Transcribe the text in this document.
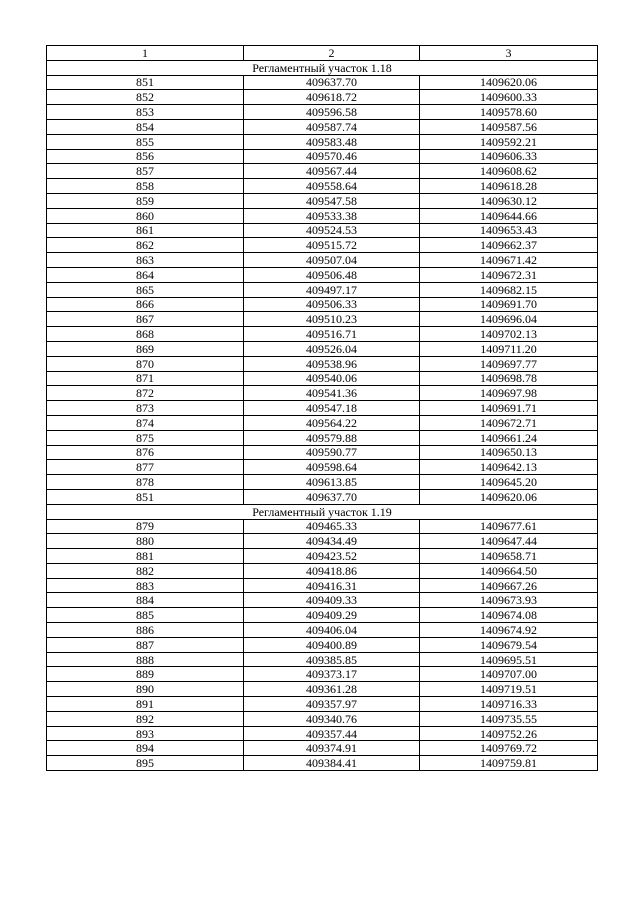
1	2	3
Регламентный участок 1.18		
851	409637.70	1409620.06
852	409618.72	1409600.33
853	409596.58	1409578.60
854	409587.74	1409587.56
855	409583.48	1409592.21
856	409570.46	1409606.33
857	409567.44	1409608.62
858	409558.64	1409618.28
859	409547.58	1409630.12
860	409533.38	1409644.66
861	409524.53	1409653.43
862	409515.72	1409662.37
863	409507.04	1409671.42
864	409506.48	1409672.31
865	409497.17	1409682.15
866	409506.33	1409691.70
867	409510.23	1409696.04
868	409516.71	1409702.13
869	409526.04	1409711.20
870	409538.96	1409697.77
871	409540.06	1409698.78
872	409541.36	1409697.98
873	409547.18	1409691.71
874	409564.22	1409672.71
875	409579.88	1409661.24
876	409590.77	1409650.13
877	409598.64	1409642.13
878	409613.85	1409645.20
851	409637.70	1409620.06
Регламентный участок 1.19		
879	409465.33	1409677.61
880	409434.49	1409647.44
881	409423.52	1409658.71
882	409418.86	1409664.50
883	409416.31	1409667.26
884	409409.33	1409673.93
885	409409.29	1409674.08
886	409406.04	1409674.92
887	409400.89	1409679.54
888	409385.85	1409695.51
889	409373.17	1409707.00
890	409361.28	1409719.51
891	409357.97	1409716.33
892	409340.76	1409735.55
893	409357.44	1409752.26
894	409374.91	1409769.72
895	409384.41	1409759.81
